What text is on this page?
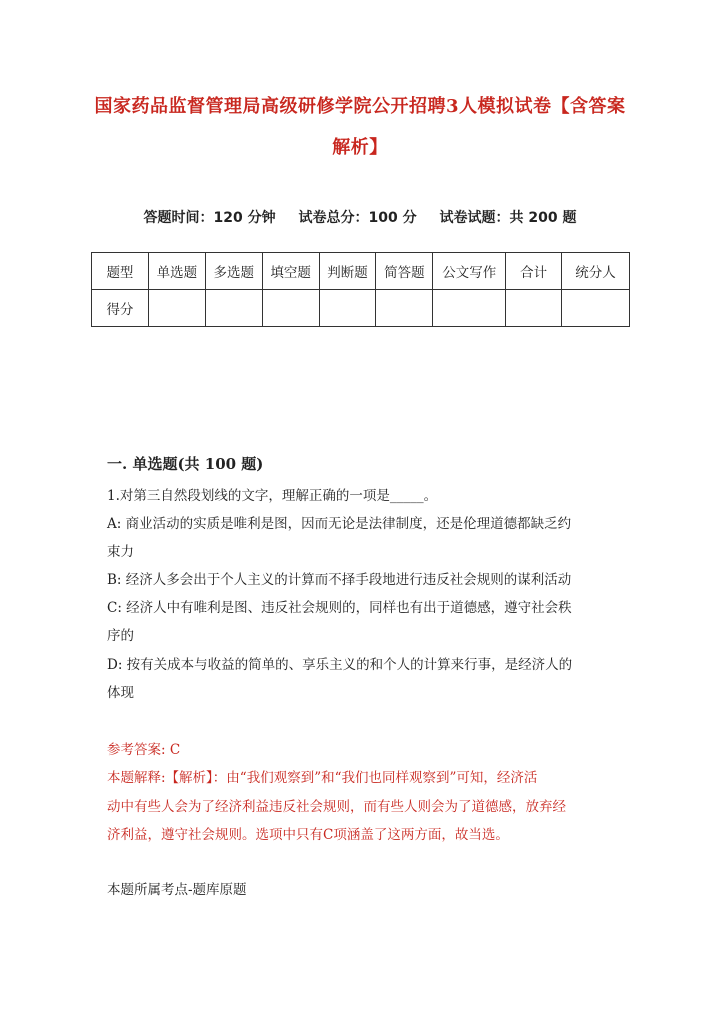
国家药品监督管理局高级研修学院公开招聘3人模拟试卷【含答案
解析】
答题时间：120 分钟 试卷总分：100 分 试卷试题：共 200 题
题型	单选题	多选题	填空题	判断题	简答题	公文写作	合计	统分人
得分								
一. 单选题(共 100 题)
1.对第三自然段划线的文字，理解正确的一项是_____。
A: 商业活动的实质是唯利是图，因而无论是法律制度，还是伦理道德都缺乏约
束力
B: 经济人多会出于个人主义的计算而不择手段地进行违反社会规则的谋利活动
C: 经济人中有唯利是图、违反社会规则的，同样也有出于道德感，遵守社会秩
序的
D: 按有关成本与收益的简单的、享乐主义的和个人的计算来行事，是经济人的
体现
参考答案: C
本题解释:【解析】：由“我们观察到”和“我们也同样观察到”可知，经济活
动中有些人会为了经济利益违反社会规则，而有些人则会为了道德感，放弃经
济利益，遵守社会规则。选项中只有C项涵盖了这两方面，故当选。
本题所属考点-题库原题
